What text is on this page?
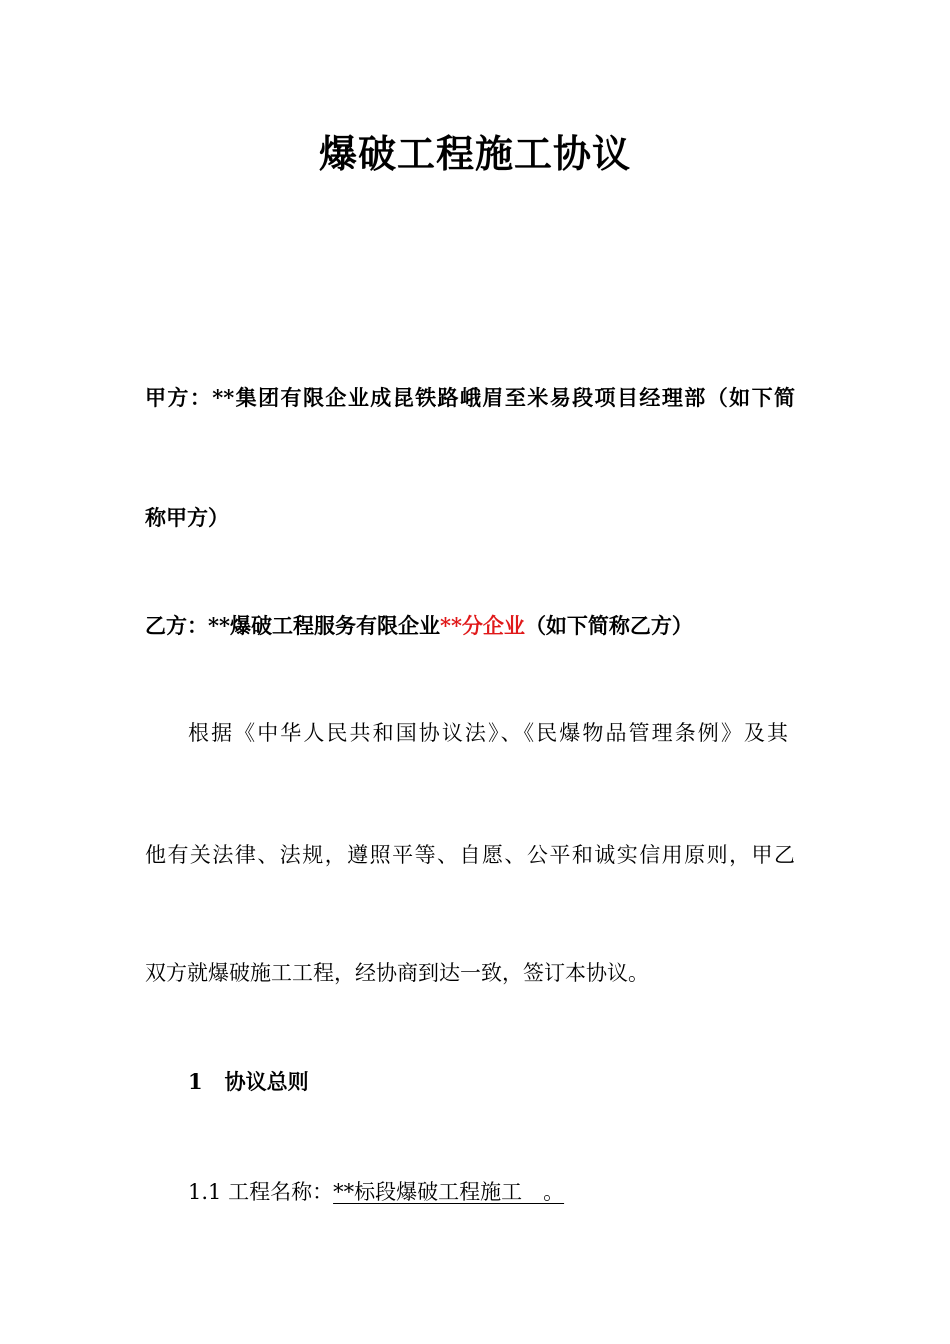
爆破工程施工协议
甲方：**集团有限企业成昆铁路峨眉至米易段项目经理部（如下简
称甲方）
乙方：**爆破工程服务有限企业**分企业（如下简称乙方）
根据《中华人民共和国协议法》、《民爆物品管理条例》及其
他有关法律、法规，遵照平等、自愿、公平和诚实信用原则，甲乙
双方就爆破施工工程，经协商到达一致，签订本协议。
1 协议总则
1.1 工程名称：**标段爆破工程施工　。
